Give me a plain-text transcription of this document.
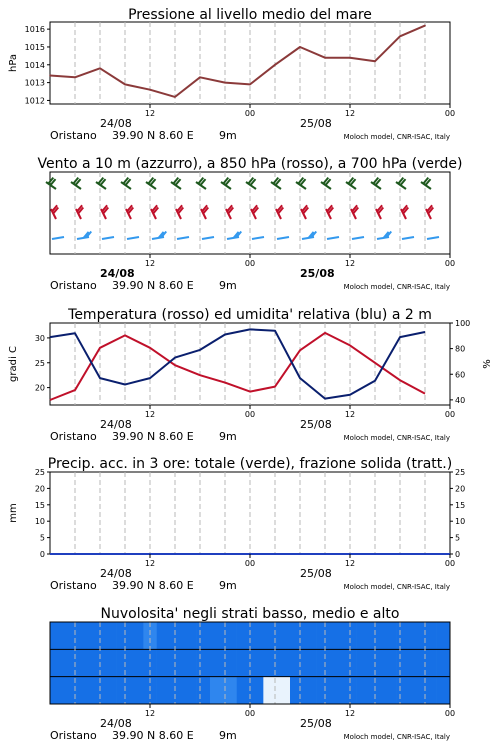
Pressione al livello medio del mare
1012
1013
1014
1015
1016
hPa
12	00	12	00
24/08	25/08
Oristano 39.90 N 8.60 E 9m	Moloch model, CNR-ISAC, Italy
Vento a 10 m (azzurro), a 850 hPa (rosso), a 700 hPa (verde)
12	00	12	00
24/08	25/08
Oristano 39.90 N 8.60 E 9m	Moloch model, CNR-ISAC, Italy
Temperatura (rosso) ed umidita' relativa (blu) a 2 m
20
25
30
40
60
80
100
gradi C	%
12	00	12	00
24/08	25/08
Oristano 39.90 N 8.60 E 9m	Moloch model, CNR-ISAC, Italy
Precip. acc. in 3 ore: totale (verde), frazione solida (tratt.)
0	0
5	5
10	10
15	15
20	20
25	25
mm
12	00	12	00
24/08	25/08
Oristano 39.90 N 8.60 E 9m	Moloch model, CNR-ISAC, Italy
Nuvolosita' negli strati basso, medio e alto
12	00	12	00
24/08	25/08
Oristano 39.90 N 8.60 E 9m	Moloch model, CNR-ISAC, Italy
